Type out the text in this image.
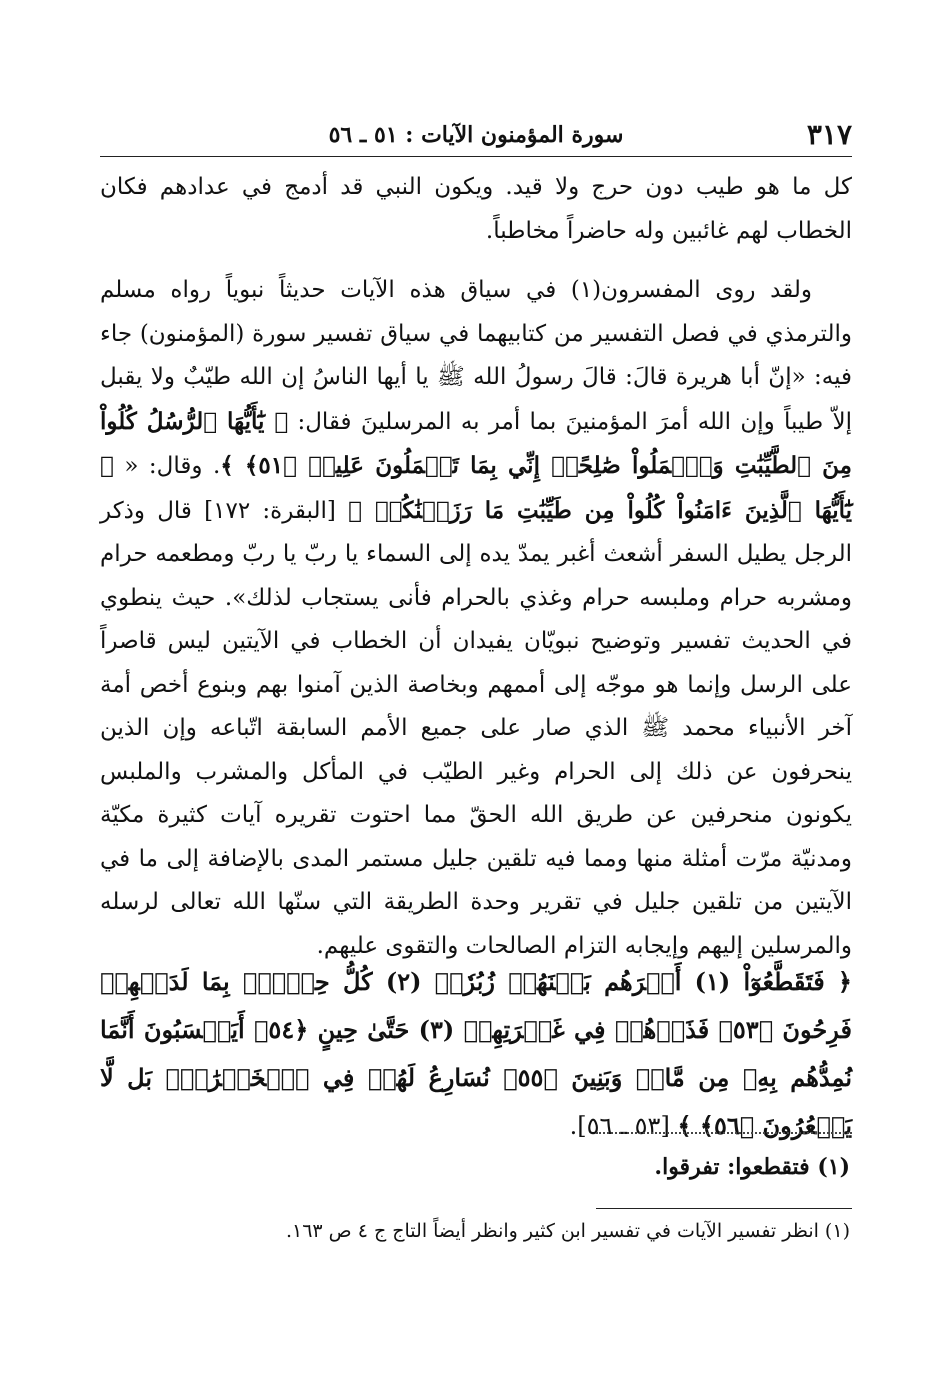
٣١٧
سورة المؤمنون الآيات : ٥١ ـ ٥٦

كل ما هو طيب دون حرج ولا قيد. ويكون النبي قد أدمج في عدادهم فكان الخطاب لهم غائبين وله حاضراً مخاطباً.

ولقد روى المفسرون(١) في سياق هذه الآيات حديثاً نبوياً رواه مسلم والترمذي في فصل التفسير من كتابيهما في سياق تفسير سورة (المؤمنون) جاء فيه: «إنّ أبا هريرة قالَ: قالَ رسولُ الله ﷺ يا أيها الناسُ إن الله طيّبٌ ولا يقبل إلاّ طيباً وإن الله أمرَ المؤمنينَ بما أمر به المرسلينَ فقال: ﴿ يَٰٓأَيُّهَا ٱلرُّسُلُ كُلُواْ مِنَ ٱلطَّيِّبَٰتِ وَٱعۡمَلُواْ صَٰلِحًاۖ إِنِّي بِمَا تَعۡمَلُونَ عَلِيمٞ ﴿٥١﴾ ﴾. وقال: « ﴿ يَٰٓأَيُّهَا ٱلَّذِينَ ءَامَنُواْ كُلُواْ مِن طَيِّبَٰتِ مَا رَزَقۡنَٰكُمۡ ﴾ [البقرة: ١٧٢] قال وذكر الرجل يطيل السفر أشعث أغبر يمدّ يده إلى السماء يا ربّ يا ربّ ومطعمه حرام ومشربه حرام وملبسه حرام وغذي بالحرام فأنى يستجاب لذلك». حيث ينطوي في الحديث تفسير وتوضيح نبويّان يفيدان أن الخطاب في الآيتين ليس قاصراً على الرسل وإنما هو موجّه إلى أممهم وبخاصة الذين آمنوا بهم وبنوع أخص أمة آخر الأنبياء محمد ﷺ الذي صار على جميع الأمم السابقة اتّباعه وإن الذين ينحرفون عن ذلك إلى الحرام وغير الطيّب في المأكل والمشرب والملبس يكونون منحرفين عن طريق الله الحقّ مما احتوت تقريره آيات كثيرة مكيّة ومدنيّة مرّت أمثلة منها ومما فيه تلقين جليل مستمر المدى بالإضافة إلى ما في الآيتين من تلقين جليل في تقرير وحدة الطريقة التي سنّها الله تعالى لرسله والمرسلين إليهم وإيجابه التزام الصالحات والتقوى عليهم.

﴿ فَتَقَطَّعُوٓاْ (١) أَمۡرَهُم بَيۡنَهُمۡ زُبُرٗاۖ (٢) كُلُّ حِزۡبِۭ بِمَا لَدَيۡهِمۡ فَرِحُونَ ﴿٥٣﴾ فَذَرۡهُمۡ فِي غَمۡرَتِهِمۡ (٣) حَتَّىٰ حِينٍ ﴿٥٤﴾ أَيَحۡسَبُونَ أَنَّمَا نُمِدُّهُم بِهِۦ مِن مَّالٖ وَبَنِينَ ﴿٥٥﴾ نُسَارِعُ لَهُمۡ فِي ٱلۡخَيۡرَٰتِۚ بَل لَّا يَشۡعُرُونَ ﴿٥٦﴾ ﴾ [٥٣ ـ ٥٦].
(١) فتقطعوا: تفرقوا.
(١) انظر تفسير الآيات في تفسير ابن كثير وانظر أيضاً التاج ج ٤ ص ١٦٣.
